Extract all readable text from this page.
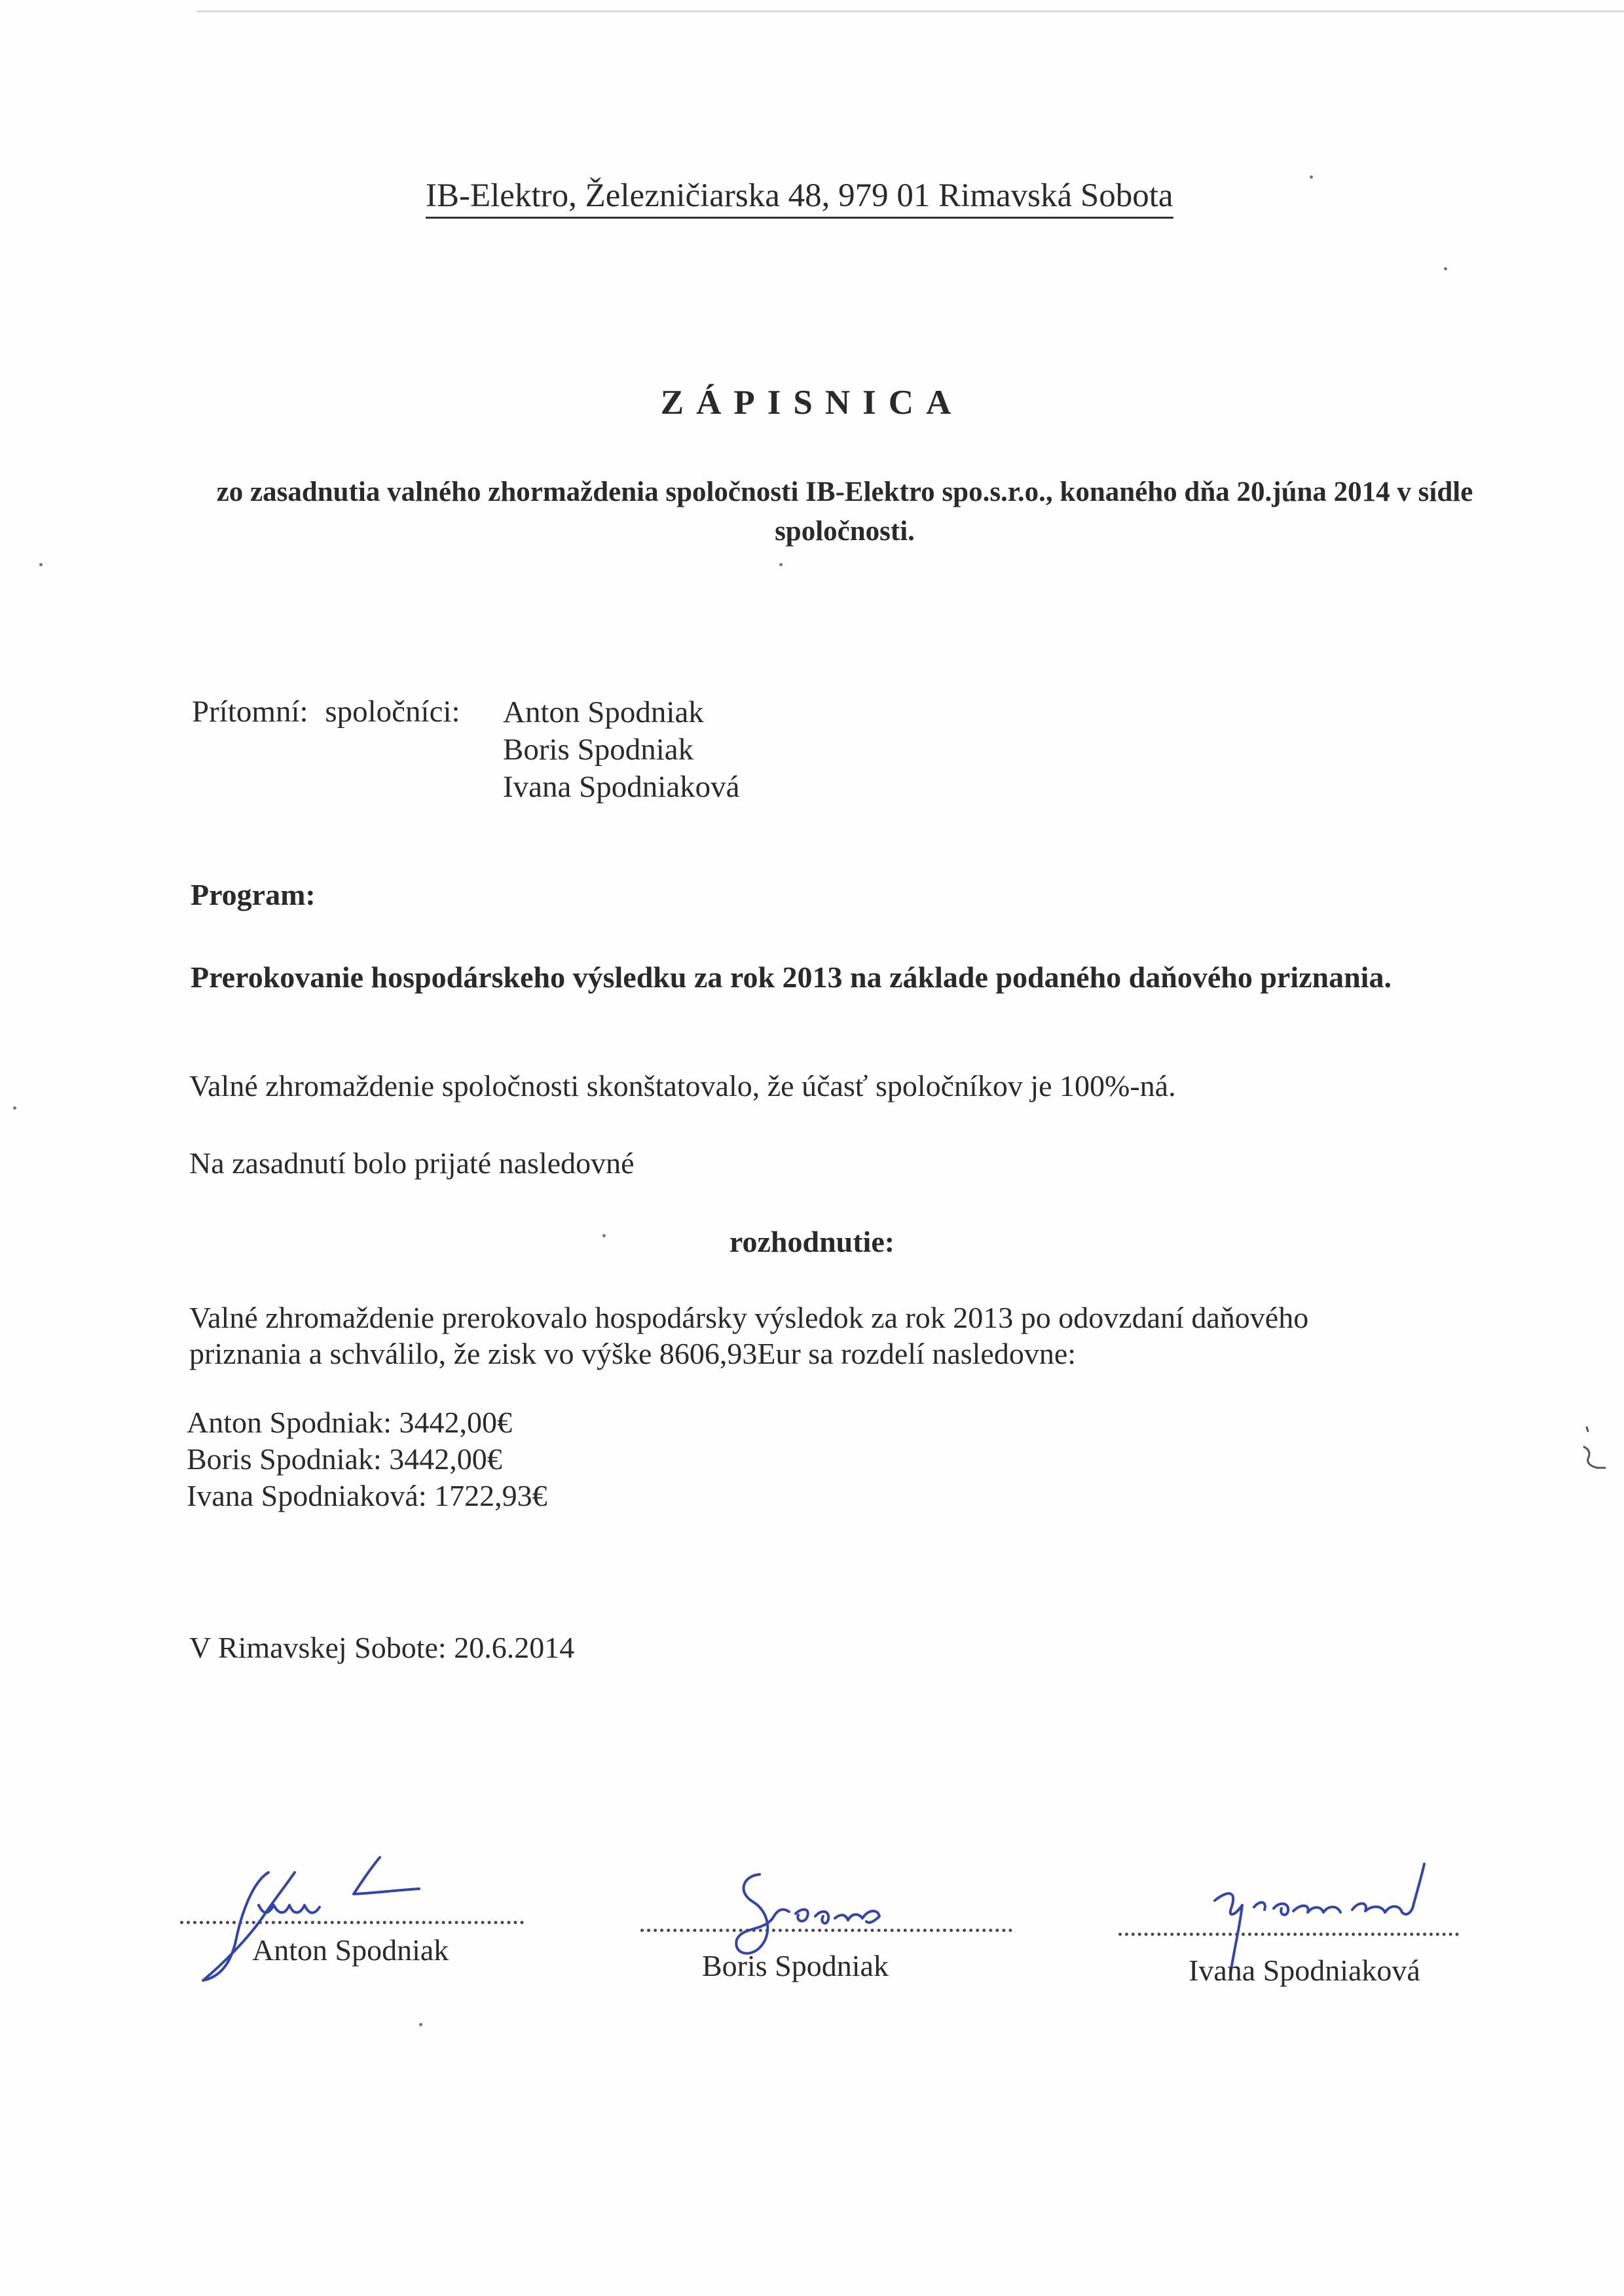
IB-Elektro, Železničiarska 48, 979 01 Rimavská Sobota
ZÁPISNICA
zo zasadnutia valného zhormaždenia spoločnosti IB-Elektro spo.s.r.o., konaného dňa 20.júna 2014 v sídle spoločnosti.
Prítomní: spoločníci: Anton Spodniak
Boris Spodniak
Ivana Spodniaková
Program:
Prerokovanie hospodárskeho výsledku za rok 2013 na základe podaného daňového priznania.
Valné zhromaždenie spoločnosti skonštatovalo, že účasť spoločníkov je 100%-ná.
Na zasadnutí bolo prijaté nasledovné
rozhodnutie:
Valné zhromaždenie prerokovalo hospodársky výsledok za rok 2013 po odovzdaní daňového
priznania a schválilo, že zisk vo výške 8606,93Eur sa rozdelí nasledovne:
Anton Spodniak: 3442,00€
Boris Spodniak: 3442,00€
Ivana Spodniaková: 1722,93€
V Rimavskej Sobote: 20.6.2014
Anton Spodniak	Boris Spodniak	Ivana Spodniaková
